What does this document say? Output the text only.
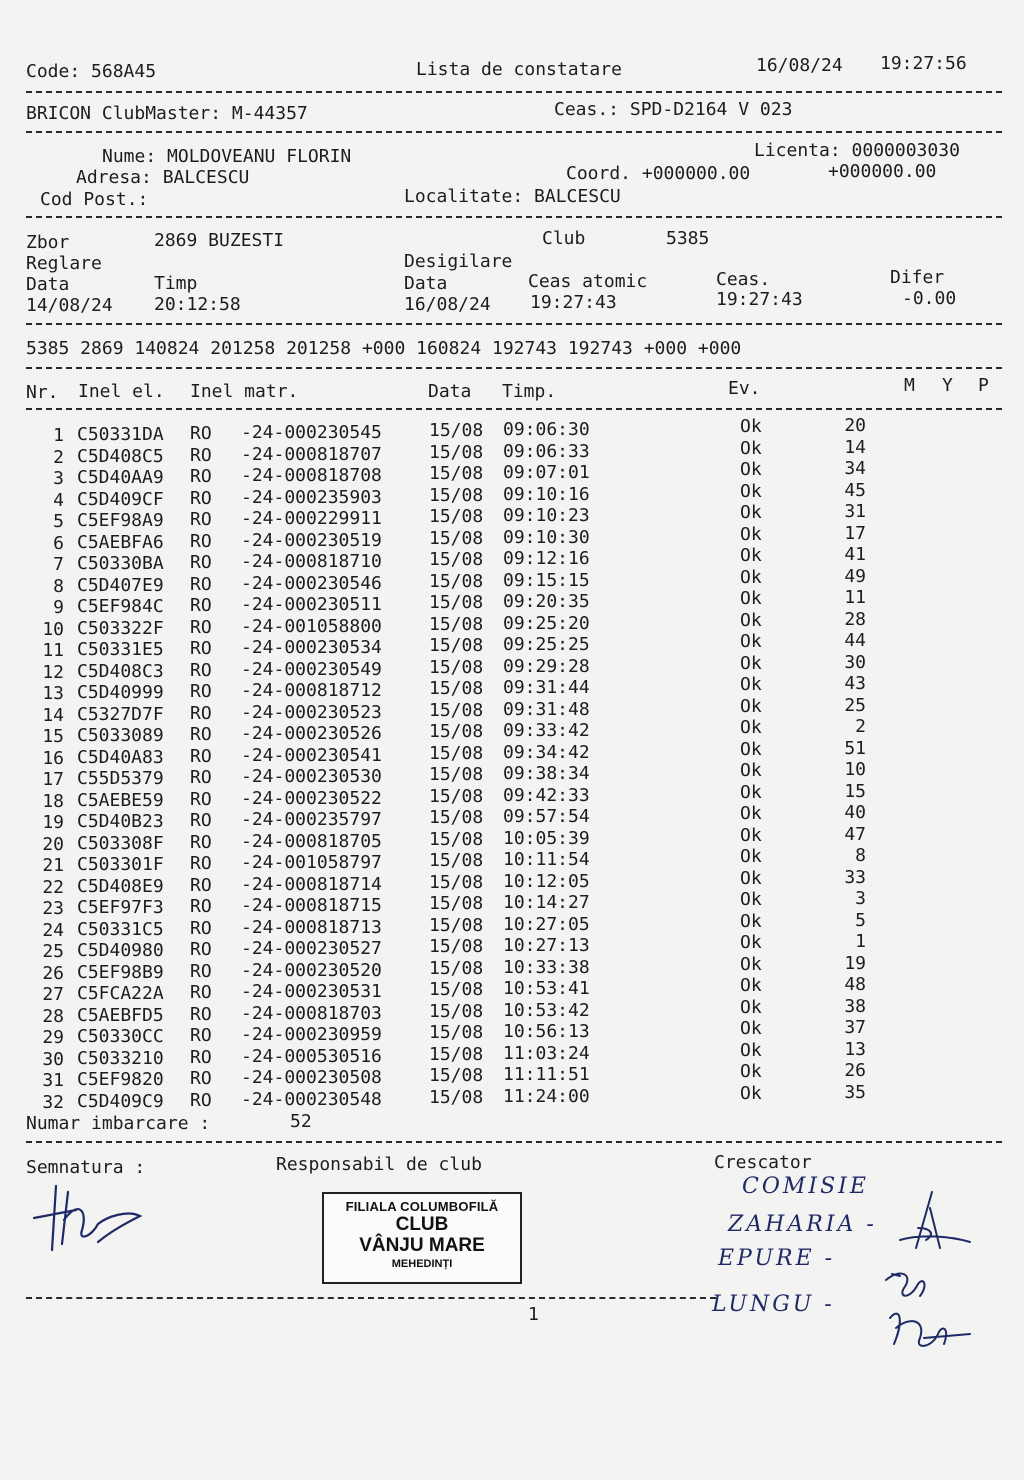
Code: 568A45	Lista de constatare	16/08/24 19:27:56
BRICON ClubMaster: M-44357	Ceas.: SPD-D2164 V 023
Nume: MOLDOVEANU FLORIN	Licenta: 0000003030
Adresa: BALCESCU	Coord. +000000.00	+000000.00
Cod Post.:	Localitate: BALCESCU
Zbor	2869 BUZESTI	Club	5385
Reglare	Desigilare
Data	Timp	Data	Ceas atomic	Ceas.	Difer
14/08/24 20:12:58	16/08/24 19:27:43	19:27:43	-0.00
5385 2869 140824 201258 201258 +000 160824 192743 192743 +000 +000
Nr. Inel el. Inel matr.	Data Timp.	Ev.	M Y P
1 C50331DA RO -24-000230545	15/08 09:06:30	Ok	20
2 C5D408C5 RO -24-000818707	15/08 09:06:33	Ok	14
3 C5D40AA9 RO -24-000818708	15/08 09:07:01	Ok	34
4 C5D409CF RO -24-000235903	15/08 09:10:16	Ok	45
5 C5EF98A9 RO -24-000229911	15/08 09:10:23	Ok	31
6 C5AEBFA6 RO -24-000230519	15/08 09:10:30	Ok	17
7 C50330BA RO -24-000818710	15/08 09:12:16	Ok	41
8 C5D407E9 RO -24-000230546	15/08 09:15:15	Ok	49
9 C5EF984C RO -24-000230511	15/08 09:20:35	Ok	11
10 C503322F RO -24-001058800	15/08 09:25:20	Ok	28
11 C50331E5 RO -24-000230534	15/08 09:25:25	Ok	44
12 C5D408C3 RO -24-000230549	15/08 09:29:28	Ok	30
13 C5D40999 RO -24-000818712	15/08 09:31:44	Ok	43
14 C5327D7F RO -24-000230523	15/08 09:31:48	Ok	25
15 C5033089 RO -24-000230526	15/08 09:33:42	Ok	2
16 C5D40A83 RO -24-000230541	15/08 09:34:42	Ok	51
17 C55D5379 RO -24-000230530	15/08 09:38:34	Ok	10
18 C5AEBE59 RO -24-000230522	15/08 09:42:33	Ok	15
19 C5D40B23 RO -24-000235797	15/08 09:57:54	Ok	40
20 C503308F RO -24-000818705	15/08 10:05:39	Ok	47
21 C503301F RO -24-001058797	15/08 10:11:54	Ok	8
22 C5D408E9 RO -24-000818714	15/08 10:12:05	Ok	33
23 C5EF97F3 RO -24-000818715	15/08 10:14:27	Ok	3
24 C50331C5 RO -24-000818713	15/08 10:27:05	Ok	5
25 C5D40980 RO -24-000230527	15/08 10:27:13	Ok	1
26 C5EF98B9 RO -24-000230520	15/08 10:33:38	Ok	19
27 C5FCA22A RO -24-000230531	15/08 10:53:41	Ok	48
28 C5AEBFD5 RO -24-000818703	15/08 10:53:42	Ok	38
29 C50330CC RO -24-000230959	15/08 10:56:13	Ok	37
30 C5033210 RO -24-000530516	15/08 11:03:24	Ok	13
31 C5EF9820 RO -24-000230508	15/08 11:11:51	Ok	26
32 C5D409C9 RO -24-000230548	15/08 11:24:00	Ok	35
Numar imbarcare :	52
Semnatura :	Responsabil de club	Crescator
FILIALA COLUMBOFILĂ
CLUB
VÂNJU MARE
MEHEDINȚI
COMISIE
ZAHARIA -
EPURE -
LUNGU -
1
